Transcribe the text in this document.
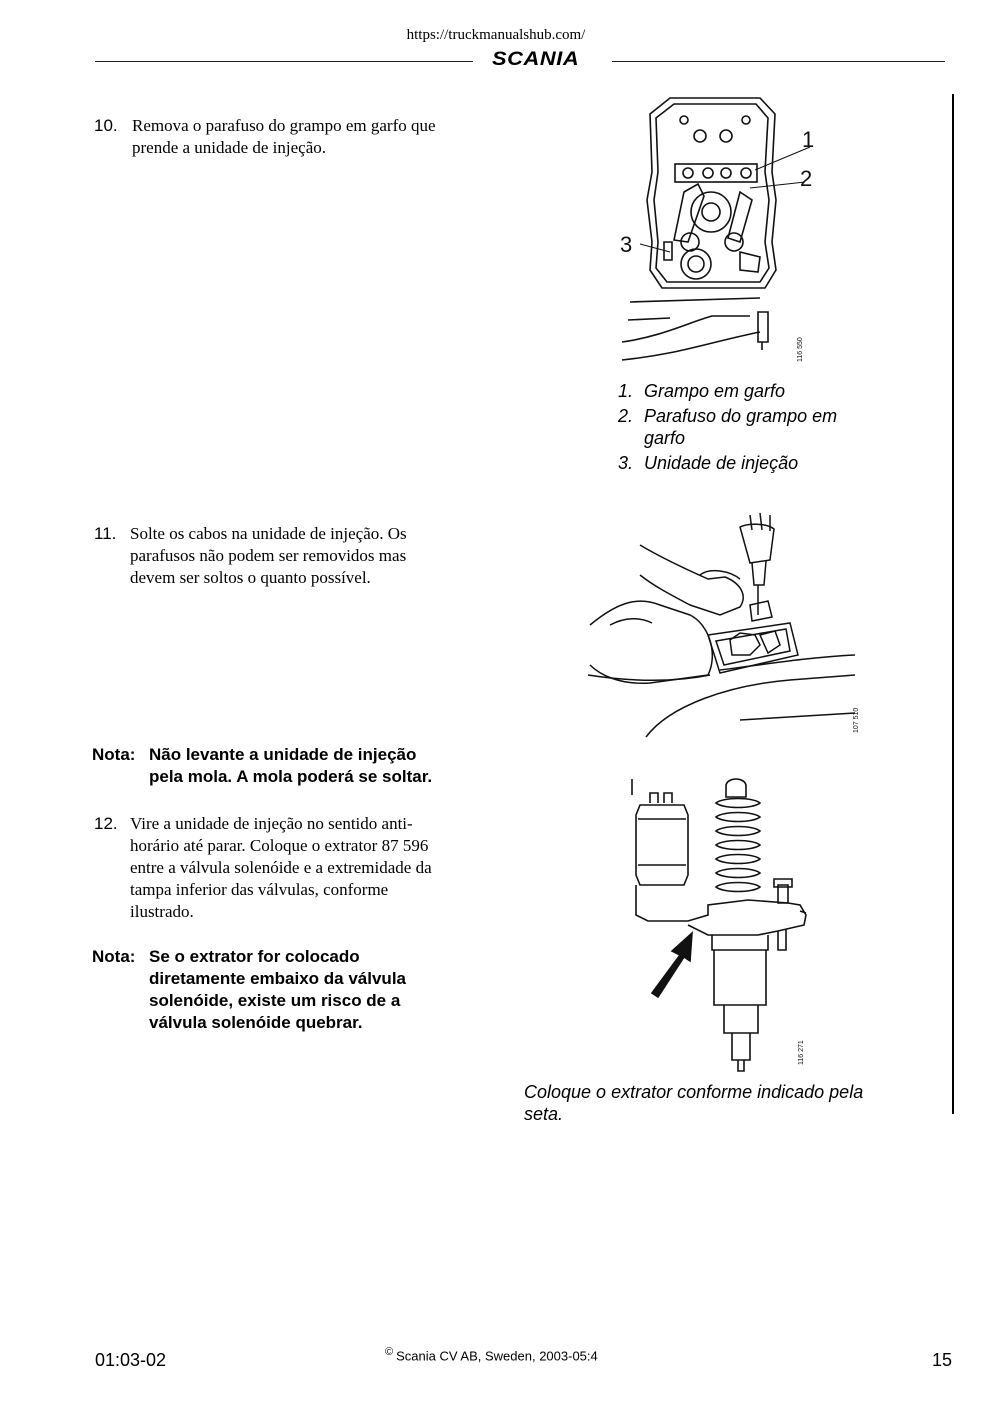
https://truckmanualshub.com/
SCANIA
10. Remova o parafuso do grampo em garfo que
prende a unidade de injeção.
11. Solte os cabos na unidade de injeção. Os
parafusos não podem ser removidos mas
devem ser soltos o quanto possível.
Nota: Não levante a unidade de injeção
pela mola. A mola poderá se soltar.
12. Vire a unidade de injeção no sentido anti-
horário até parar. Coloque o extrator 87 596
entre a válvula solenóide e a extremidade da
tampa inferior das válvulas, conforme
ilustrado.
Nota: Se o extrator for colocado
diretamente embaixo da válvula
solenóide, existe um risco de a
válvula solenóide quebrar.
1
2
3
116 550
1. Grampo em garfo
2. Parafuso do grampo em
garfo
3. Unidade de injeção
107 510
116 271
Coloque o extrator conforme indicado pela
seta.
01:03-02	© Scania CV AB, Sweden, 2003-05:4	15
